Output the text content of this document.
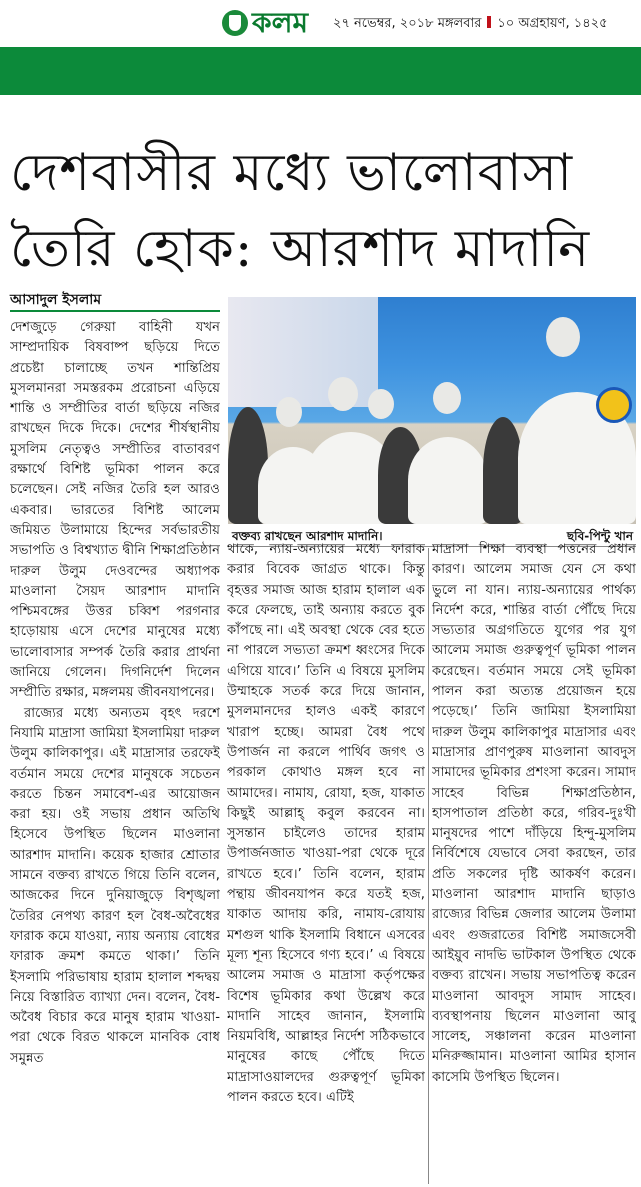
কলম ২৭ নভেম্বর, ২০১৮ মঙ্গলবার ১০ অগ্রহায়ণ, ১৪২৫
দেশবাসীর মধ্যে ভালোবাসা
তৈরি হোক: আরশাদ মাদানি
আসাদুল ইসলাম

দেশজুড়ে গেরুয়া বাহিনী যখন সাম্প্রদায়িক বিষবাষ্প ছড়িয়ে দিতে প্রচেষ্টা চালাচ্ছে তখন শান্তিপ্রিয় মুসলমানরা সমস্তরকম প্ররোচনা এড়িয়ে শান্তি ও সম্প্রীতির বার্তা ছড়িয়ে নজির রাখছেন দিকে দিকে। দেশের শীর্ষস্থানীয় মুসলিম নেতৃত্বও সম্প্রীতির বাতাবরণ রক্ষার্থে বিশিষ্ট ভূমিকা পালন করে চলেছেন। সেই নজির তৈরি হল আরও একবার। ভারতের বিশিষ্ট আলেম জমিয়ত উলামায়ে হিন্দের সর্বভারতীয় সভাপতি ও বিশ্বখ্যাত দ্বীনি শিক্ষাপ্রতিষ্ঠান দারুল উলুম দেওবন্দের অধ্যাপক মাওলানা সৈয়দ আরশাদ মাদানি পশ্চিমবঙ্গের উত্তর চব্বিশ পরগনার হাড়োয়ায় এসে দেশের মানুষের মধ্যে ভালোবাসার সম্পর্ক তৈরি করার প্রার্থনা জানিয়ে গেলেন। দিগনির্দেশ দিলেন সম্প্রীতি রক্ষার, মঙ্গলময় জীবনযাপনের।

রাজ্যের মধ্যে অন্যতম বৃহৎ দরশে নিযামি মাদ্রাসা জামিয়া ইসলামিয়া দারুল উলুম কালিকাপুর। এই মাদ্রাসার তরফেই বর্তমান সময়ে দেশের মানুষকে সচেতন করতে চিন্তন সমাবেশ-এর আয়োজন করা হয়। ওই সভায় প্রধান অতিথি হিসেবে উপস্থিত ছিলেন মাওলানা আরশাদ মাদানি। কয়েক হাজার শ্রোতার সামনে বক্তব্য রাখতে গিয়ে তিনি বলেন, আজকের দিনে দুনিয়াজুড়ে বিশৃঙ্খলা তৈরির নেপথ্য কারণ হল বৈধ-অবৈধের ফারাক কমে যাওয়া, ন্যায় অন্যায় বোধের ফারাক ক্রমশ কমতে থাকা।’ তিনি ইসলামি পরিভাষায় হারাম হালাল শব্দদ্বয় নিয়ে বিস্তারিত ব্যাখ্যা দেন। বলেন, বৈধ-অবৈধ বিচার করে মানুষ হারাম খাওয়া-পরা থেকে বিরত থাকলে মানবিক বোধ সমুন্নত

বক্তব্য রাখছেন আরশাদ মাদানি।	ছবি-পিন্টু খান

থাকে, ন্যায়-অন্যায়ের মধ্যে ফারাক করার বিবেক জাগ্রত থাকে। কিন্তু বৃহত্তর সমাজ আজ হারাম হালাল এক করে ফেলছে, তাই অন্যায় করতে বুক কাঁপছে না। এই অবস্থা থেকে বের হতে না পারলে সভ্যতা ক্রমশ ধ্বংসের দিকে এগিয়ে যাবে।’ তিনি এ বিষয়ে মুসলিম উম্মাহকে সতর্ক করে দিয়ে জানান, মুসলমানদের হালও একই কারণে খারাপ হচ্ছে। আমরা বৈধ পথে উপার্জন না করলে পার্থিব জগৎ ও পরকাল কোথাও মঙ্গল হবে না আমাদের। নামায, রোযা, হজ, যাকাত কিছুই আল্লাহ্‌ কবুল করবেন না। সুসন্তান চাইলেও তাদের হারাম উপার্জনজাত খাওয়া-পরা থেকে দূরে রাখতে হবে।’ তিনি বলেন, হারাম পন্থায় জীবনযাপন করে যতই হজ, যাকাত আদায় করি, নামায-রোযায় মশগুল থাকি ইসলামি বিধানে এসবের মূল্য শূন্য হিসেবে গণ্য হবে।’ এ বিষয়ে আলেম সমাজ ও মাদ্রাসা কর্তৃপক্ষের বিশেষ ভূমিকার কথা উল্লেখ করে মাদানি সাহেব জানান, ইসলামি নিয়মবিধি, আল্লাহর নির্দেশ সঠিকভাবে মানুষের কাছে পৌঁছে দিতে মাদ্রাসাওয়ালদের গুরুত্বপূর্ণ ভূমিকা পালন করতে হবে। এটিই

মাদ্রাসা শিক্ষা ব্যবস্থা পত্তনের প্রধান কারণ। আলেম সমাজ যেন সে কথা ভুলে না যান। ন্যায়-অন্যায়ের পার্থক্য নির্দেশ করে, শান্তির বার্তা পৌঁছে দিয়ে সভ্যতার অগ্রগতিতে যুগের পর যুগ আলেম সমাজ গুরুত্বপূর্ণ ভূমিকা পালন করেছেন। বর্তমান সময়ে সেই ভূমিকা পালন করা অত্যন্ত প্রয়োজন হয়ে পড়েছে।’ তিনি জামিয়া ইসলামিয়া দারুল উলুম কালিকাপুর মাদ্রাসার এবং মাদ্রাসার প্রাণপুরুষ মাওলানা আবদুস সামাদের ভূমিকার প্রশংসা করেন। সামাদ সাহেব বিভিন্ন শিক্ষাপ্রতিষ্ঠান, হাসপাতাল প্রতিষ্ঠা করে, গরিব-দুঃখী মানুষদের পাশে দাঁড়িয়ে হিন্দু-মুসলিম নির্বিশেষে যেভাবে সেবা করছেন, তার প্রতি সকলের দৃষ্টি আকর্ষণ করেন। মাওলানা আরশাদ মাদানি ছাড়াও রাজ্যের বিভিন্ন জেলার আলেম উলামা এবং গুজরাতের বিশিষ্ট সমাজসেবী আইয়ুব নাদভি ভাটকাল উপস্থিত থেকে বক্তব্য রাখেন। সভায় সভাপতিত্ব করেন মাওলানা আবদুস সামাদ সাহেব। ব্যবস্থাপনায় ছিলেন মাওলানা আবু সালেহ, সঞ্চালনা করেন মাওলানা মনিরুজ্জামান। মাওলানা আমির হাসান কাসেমি উপস্থিত ছিলেন।
